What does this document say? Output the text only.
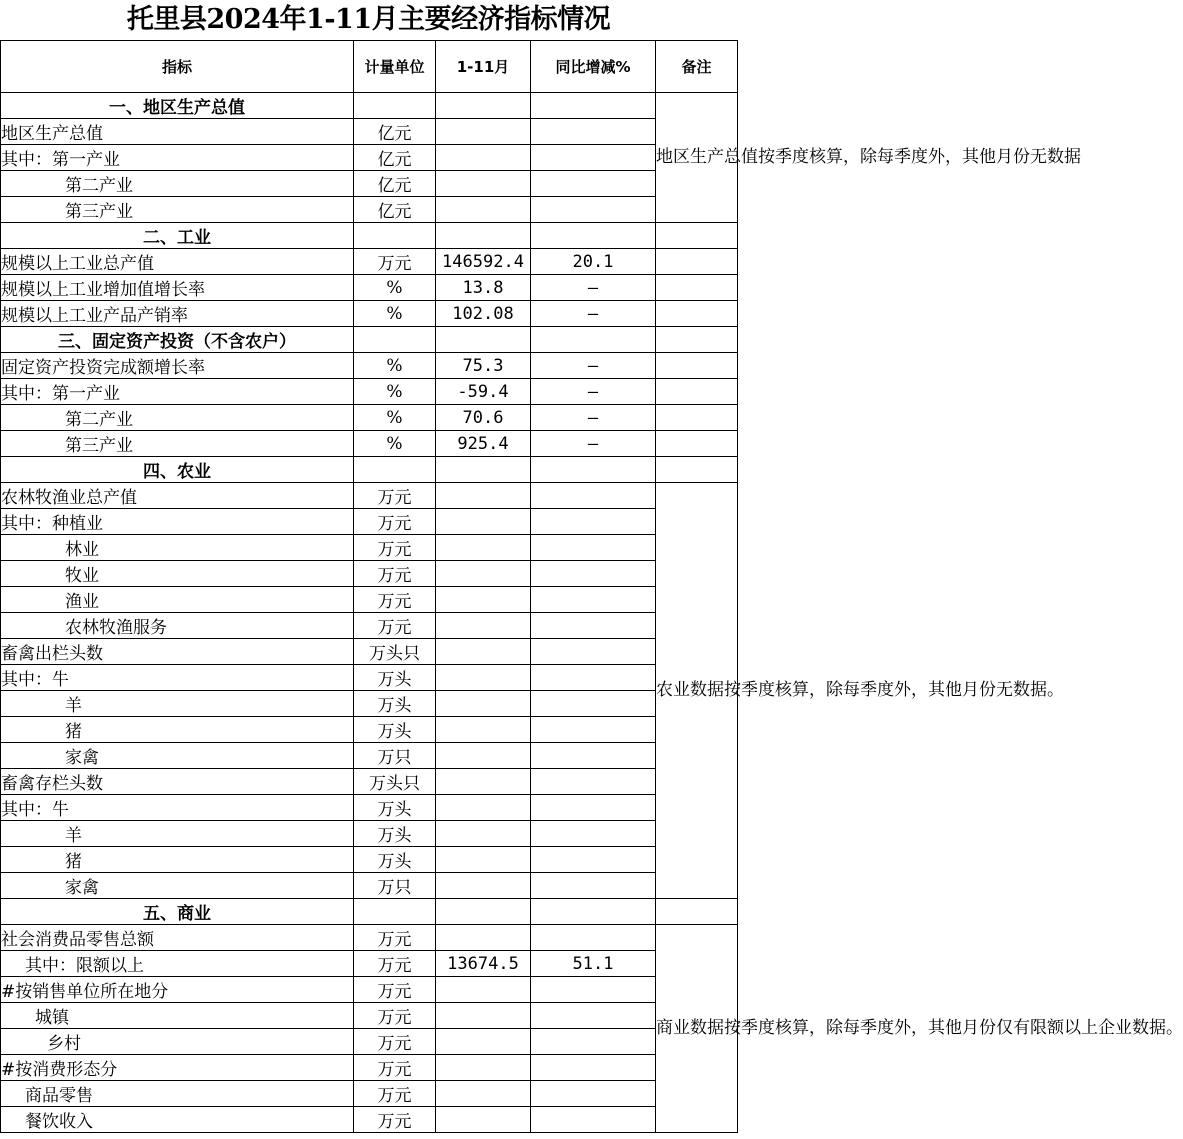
托里县2024年1-11月主要经济指标情况
指标	计量单位	1-11月	同比增减%	备注
一、地区生产总值				地区生产总值按季度核算，除每季度外，其他月份无数据
地区生产总值	亿元			
其中：第一产业	亿元			
第二产业	亿元			
第三产业	亿元			
二、工业				
规模以上工业总产值	万元	146592.4	20.1	
规模以上工业增加值增长率	%	13.8	—	
规模以上工业产品产销率	%	102.08	—	
三、固定资产投资（不含农户）				
固定资产投资完成额增长率	%	75.3	—	
其中：第一产业	%	-59.4	—	
第二产业	%	70.6	—	
第三产业	%	925.4	—	
四、农业				
农林牧渔业总产值	万元			农业数据按季度核算，除每季度外，其他月份无数据。
其中：种植业	万元			
林业	万元			
牧业	万元			
渔业	万元			
农林牧渔服务	万元			
畜禽出栏头数	万头只			
其中：牛	万头			
羊	万头			
猪	万头			
家禽	万只			
畜禽存栏头数	万头只			
其中：牛	万头			
羊	万头			
猪	万头			
家禽	万只			
五、商业				
社会消费品零售总额	万元			商业数据按季度核算，除每季度外，其他月份仅有限额以上企业数据。
其中：限额以上	万元	13674.5	51.1	
#按销售单位所在地分	万元			
城镇	万元			
乡村	万元			
#按消费形态分	万元			
商品零售	万元			
餐饮收入	万元			
